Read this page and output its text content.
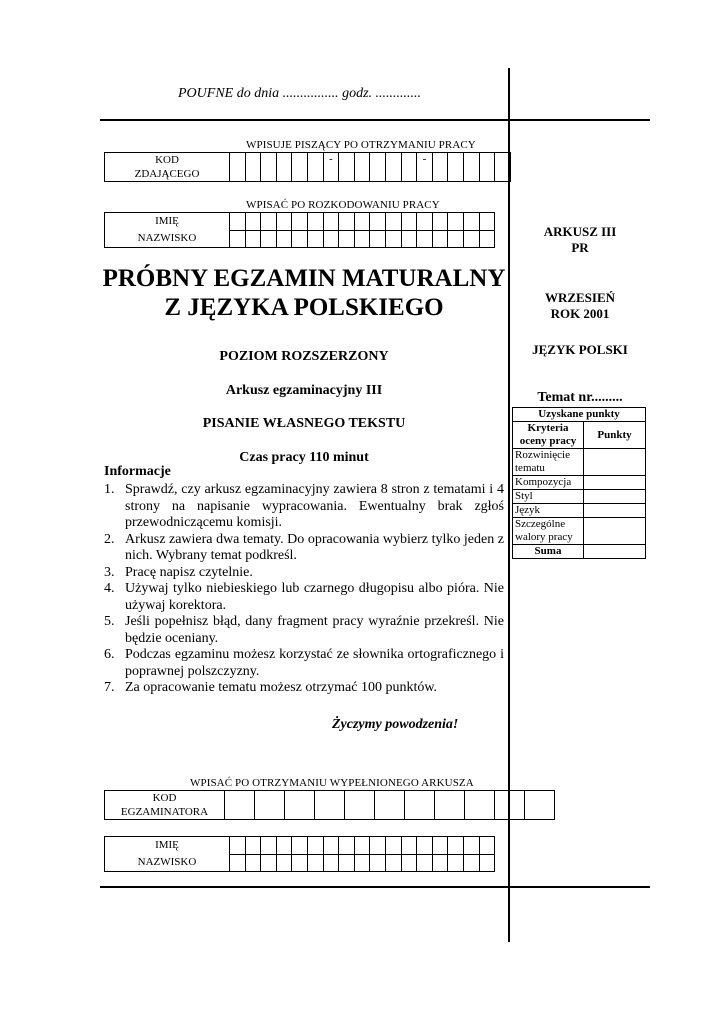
POUFNE do dnia ................ godz. .............
WPISUJE PISZĄCY PO OTRZYMANIU PRACY
KOD
ZDAJĄCEGO							-						-					
WPISAĆ PO ROZKODOWANIU PRACY
IMIĘ
NAZWISKO																	

PRÓBNY EGZAMIN MATURALNY
Z JĘZYKA POLSKIEGO
POZIOM ROZSZERZONY
Arkusz egzaminacyjny III
PISANIE WŁASNEGO TEKSTU
Czas pracy 110 minut
Informacje
1. Sprawdź, czy arkusz egzaminacyjny zawiera 8 stron z tematami i 4 strony na napisanie wypracowania. Ewentualny brak zgłoś przewodniczącemu komisji.
2. Arkusz zawiera dwa tematy. Do opracowania wybierz tylko jeden z nich. Wybrany temat podkreśl.
3. Pracę napisz czytelnie.
4. Używaj tylko niebieskiego lub czarnego długopisu albo pióra. Nie używaj korektora.
5. Jeśli popełnisz błąd, dany fragment pracy wyraźnie przekreśl. Nie będzie oceniany.
6. Podczas egzaminu możesz korzystać ze słownika ortograficznego i poprawnej polszczyzny.
7. Za opracowanie tematu możesz otrzymać 100 punktów.
Życzymy powodzenia!
WPISAĆ PO OTRZYMANIU WYPEŁNIONEGO ARKUSZA
KOD
EGZAMINATORA											
IMIĘ
NAZWISKO																	

ARKUSZ III
PR
WRZESIEŃ
ROK 2001
JĘZYK POLSKI
Temat nr.........
Uzyskane punkty	
Kryteria oceny pracy	Punkty
Rozwinięcie tematu	
Kompozycja	
Styl	
Język	
Szczególne walory pracy	
Suma	
